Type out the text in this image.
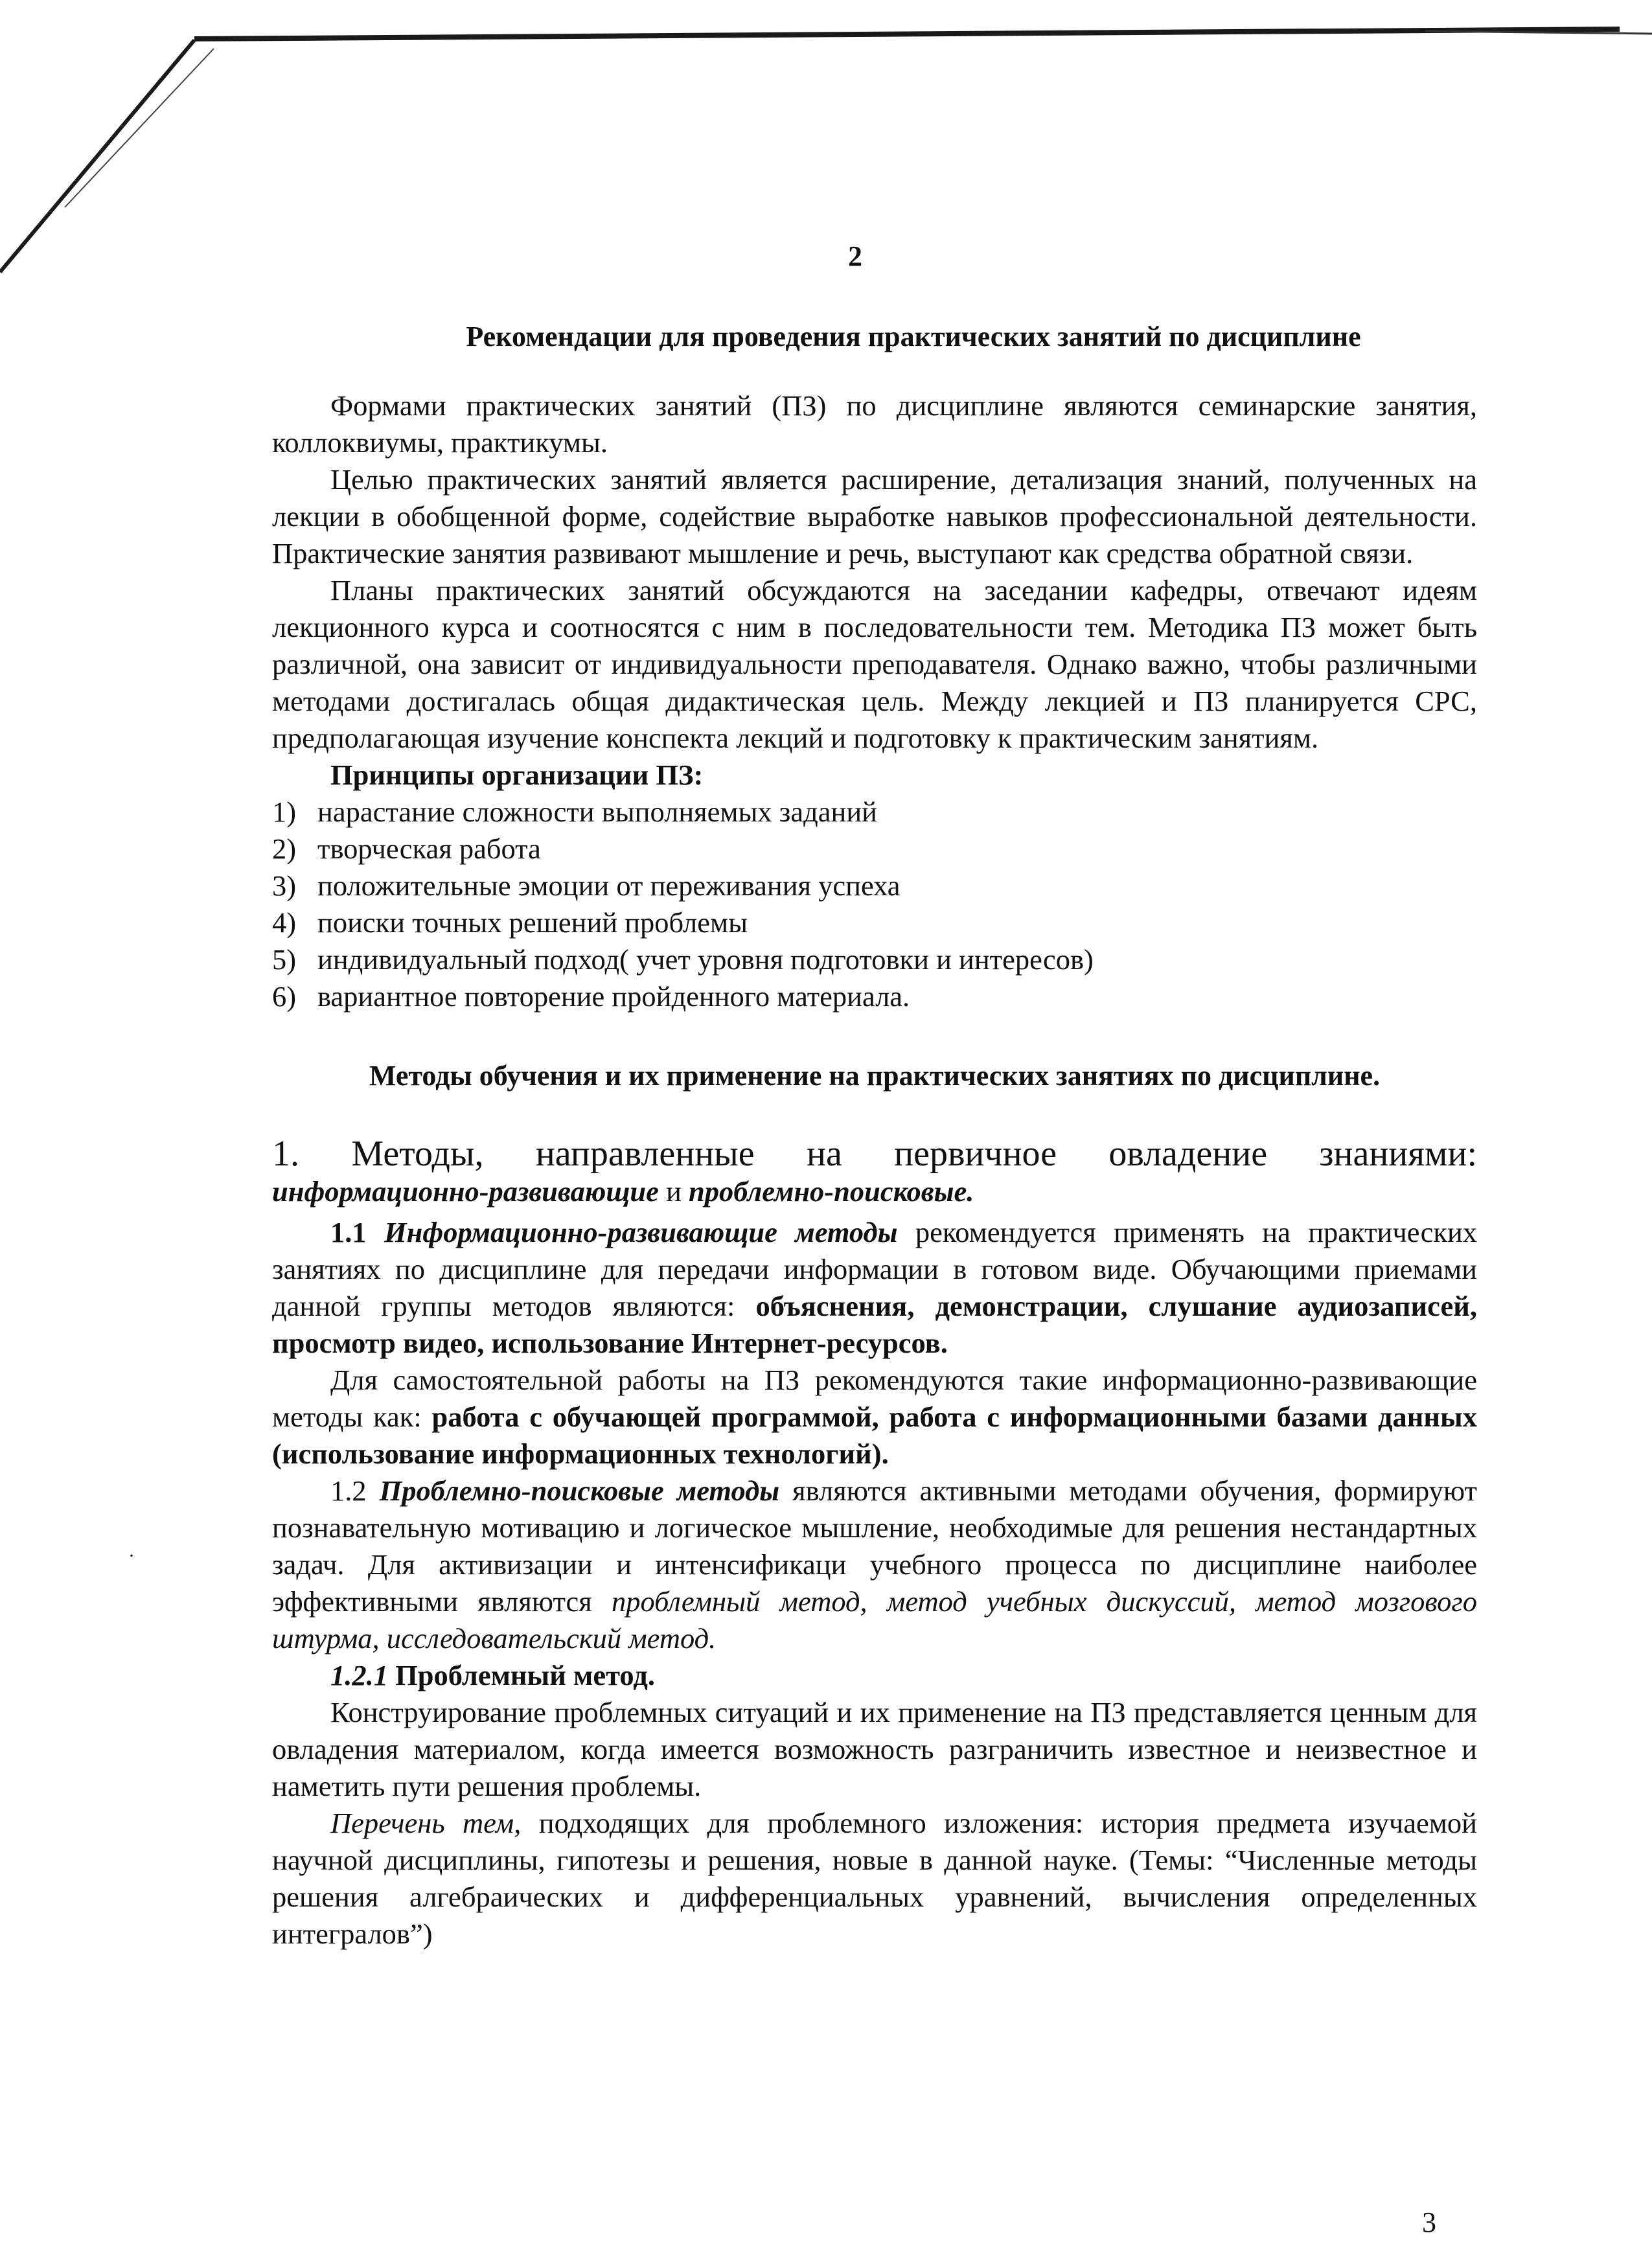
2
·
Рекомендации для проведения практических занятий по дисциплине

Формами практических занятий (ПЗ) по дисциплине являются семинарские занятия, коллоквиумы, практикумы.

Целью практических занятий является расширение, детализация знаний, полученных на лекции в обобщенной форме, содействие выработке навыков профессиональной деятельности. Практические занятия развивают мышление и речь, выступают как средства обратной связи.

Планы практических занятий обсуждаются на заседании кафедры, отвечают идеям лекционного курса и соотносятся с ним в последовательности тем. Методика ПЗ может быть различной, она зависит от индивидуальности преподавателя. Однако важно, чтобы различными методами достигалась общая дидактическая цель. Между лекцией и ПЗ планируется СРС, предполагающая изучение конспекта лекций и подготовку к практическим занятиям.

Принципы организации ПЗ:
1) нарастание сложности выполняемых заданий
2) творческая работа
3) положительные эмоции от переживания успеха
4) поиски точных решений проблемы
5) индивидуальный подход( учет уровня подготовки и интересов)
6) вариантное повторение пройденного материала.
Методы обучения и их применение на практических занятиях по дисциплине.

1. Методы, направленные на первичное овладение знаниями:

информационно-развивающие и проблемно-поисковые.

1.1 Информационно-развивающие методы рекомендуется применять на практических занятиях по дисциплине для передачи информации в готовом виде. Обучающими приемами данной группы методов являются: объяснения, демонстрации, слушание аудиозаписей, просмотр видео, использование Интернет-ресурсов.

Для самостоятельной работы на ПЗ рекомендуются такие информационно-развивающие методы как: работа с обучающей программой, работа с информационными базами данных (использование информационных технологий).

1.2 Проблемно-поисковые методы являются активными методами обучения, формируют познавательную мотивацию и логическое мышление, необходимые для решения нестандартных задач. Для активизации и интенсификаци учебного процесса по дисциплине наиболее эффективными являются проблемный метод, метод учебных дискуссий, метод мозгового штурма, исследовательский метод.

1.2.1 Проблемный метод.

Конструирование проблемных ситуаций и их применение на ПЗ представляется ценным для овладения материалом, когда имеется возможность разграничить известное и неизвестное и наметить пути решения проблемы.

Перечень тем, подходящих для проблемного изложения: история предмета изучаемой научной дисциплины, гипотезы и решения, новые в данной науке. (Темы: “Численные методы решения алгебраических и дифференциальных уравнений, вычисления определенных интегралов”)

3
